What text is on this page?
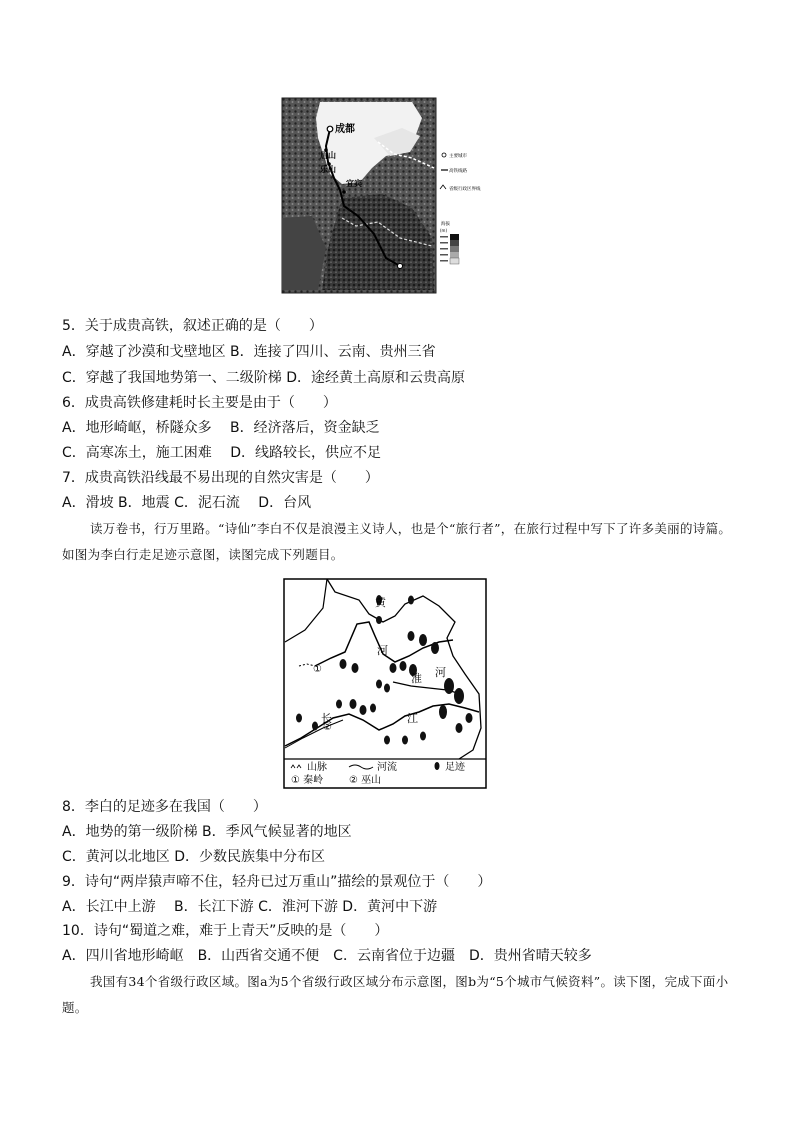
成都
眉山
乐山
宜宾
主要城市
高铁线路
省级行政区界线
海拔
(m)
5．关于成贵高铁，叙述正确的是（　　）
A．穿越了沙漠和戈壁地区 B．连接了四川、云南、贵州三省
C．穿越了我国地势第一、二级阶梯 D．途经黄土高原和云贵高原
6．成贵高铁修建耗时长主要是由于（　　）
A．地形崎岖，桥隧众多　 B．经济落后，资金缺乏
C．高寒冻土，施工困难　 D．线路较长，供应不足
7．成贵高铁沿线最不易出现的自然灾害是（　　）
A．滑坡 B．地震 C．泥石流　 D．台风
读万卷书，行万里路。“诗仙”李白不仅是浪漫主义诗人，也是个“旅行者”，在旅行过程中写下了许多美丽的诗篇。如图为李白行走足迹示意图，读图完成下列题目。
黄
河
淮 河
长	江
①
②
山脉	河流	足迹
① 秦岭	② 巫山
8．李白的足迹多在我国（　　）
A．地势的第一级阶梯 B．季风气候显著的地区
C．黄河以北地区 D．少数民族集中分布区
9．诗句“两岸猿声啼不住，轻舟已过万重山”描绘的景观位于（　　）
A．长江中上游　 B．长江下游 C．淮河下游 D．黄河中下游
10．诗句“蜀道之难，难于上青天”反映的是（　　）
A．四川省地形崎岖　B．山西省交通不便　C．云南省位于边疆　D．贵州省晴天较多
我国有34个省级行政区域。图a为5个省级行政区域分布示意图，图b为“5个城市气候资料”。读下图，完成下面小题。
